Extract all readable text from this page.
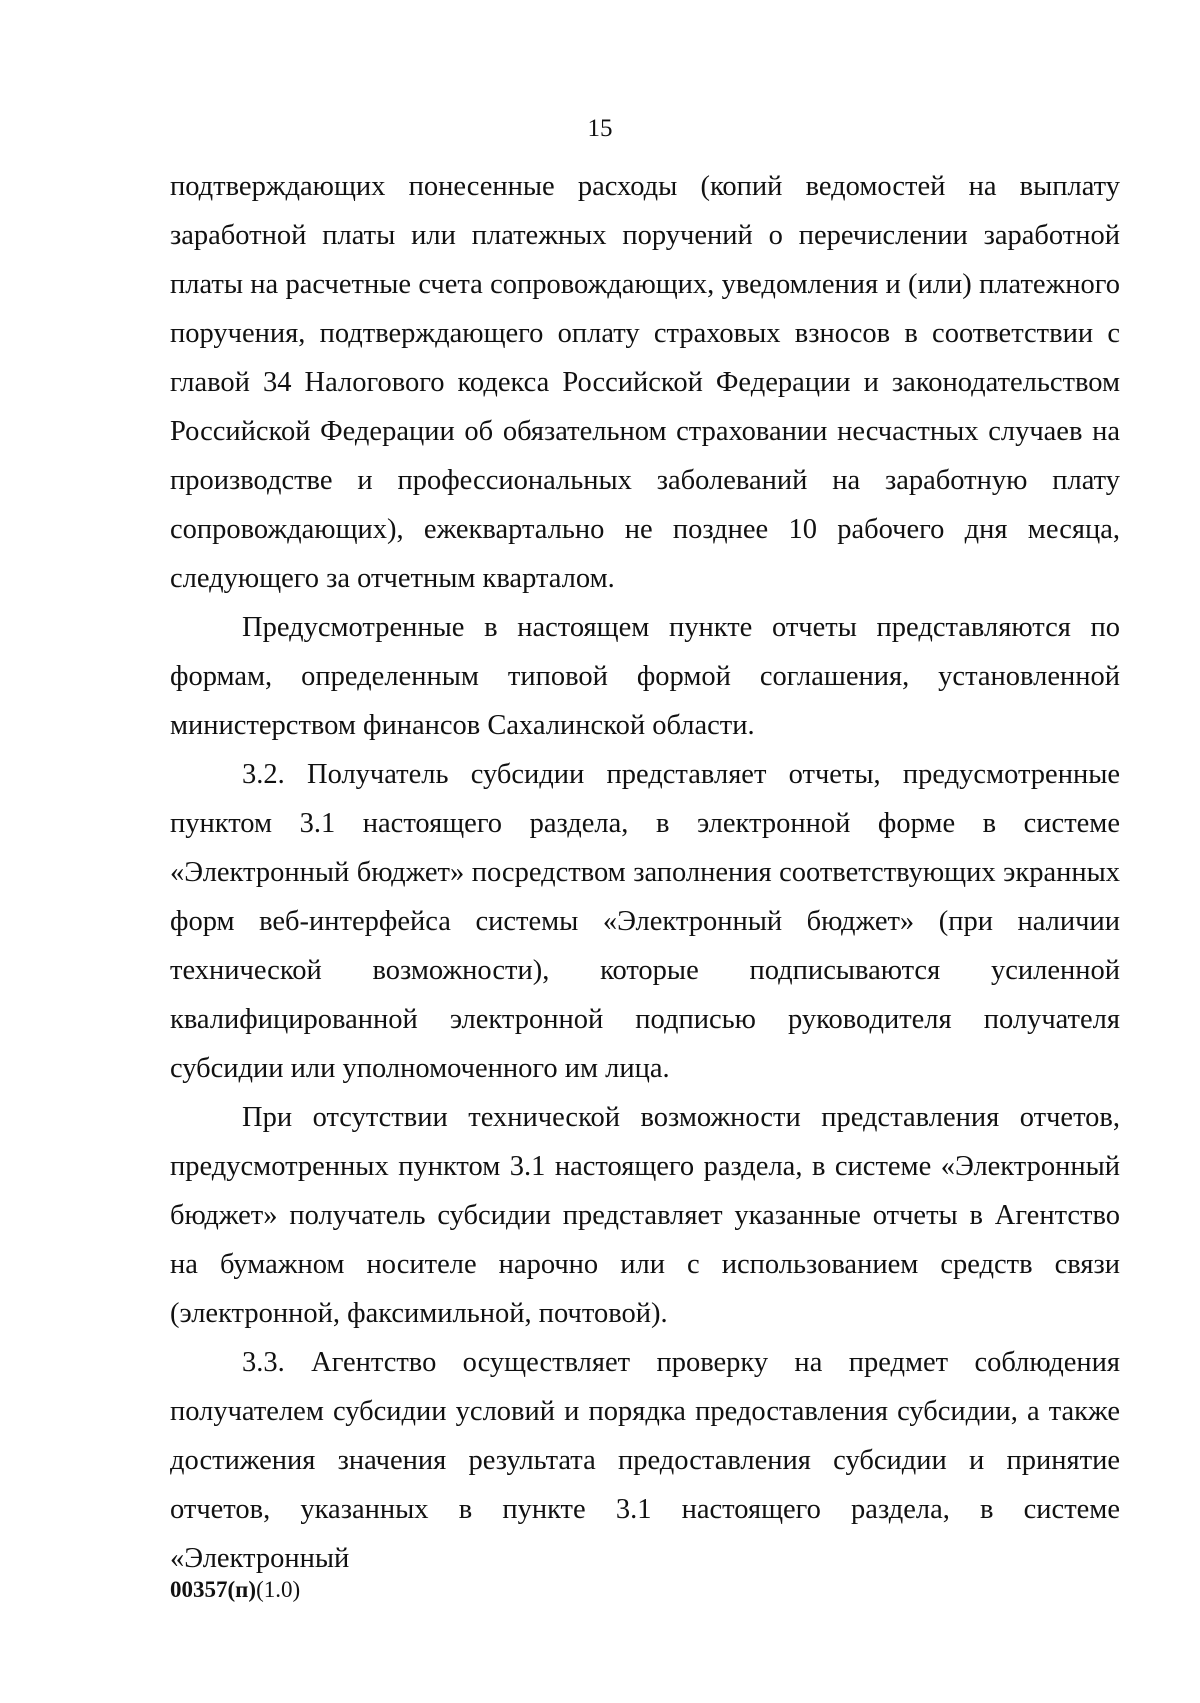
15

подтверждающих понесенные расходы (копий ведомостей на выплату заработной платы или платежных поручений о перечислении заработной платы на расчетные счета сопровождающих, уведомления и (или) платежного поручения, подтверждающего оплату страховых взносов в соответствии с главой 34 Налогового кодекса Российской Федерации и законодательством Российской Федерации об обязательном страховании несчастных случаев на производстве и профессиональных заболеваний на заработную плату сопровождающих), ежеквартально не позднее 10 рабочего дня месяца, следующего за отчетным кварталом.

Предусмотренные в настоящем пункте отчеты представляются по формам, определенным типовой формой соглашения, установленной министерством финансов Сахалинской области.

3.2. Получатель субсидии представляет отчеты, предусмотренные пунктом 3.1 настоящего раздела, в электронной форме в системе «Электронный бюджет» посредством заполнения соответствующих экранных форм веб-интерфейса системы «Электронный бюджет» (при наличии технической возможности), которые подписываются усиленной квалифицированной электронной подписью руководителя получателя субсидии или уполномоченного им лица.

При отсутствии технической возможности представления отчетов, предусмотренных пунктом 3.1 настоящего раздела, в системе «Электронный бюджет» получатель субсидии представляет указанные отчеты в Агентство на бумажном носителе нарочно или с использованием средств связи (электронной, факсимильной, почтовой).

3.3. Агентство осуществляет проверку на предмет соблюдения получателем субсидии условий и порядка предоставления субсидии, а также достижения значения результата предоставления субсидии и принятие отчетов, указанных в пункте 3.1 настоящего раздела, в системе «Электронный

00357(п)(1.0)
